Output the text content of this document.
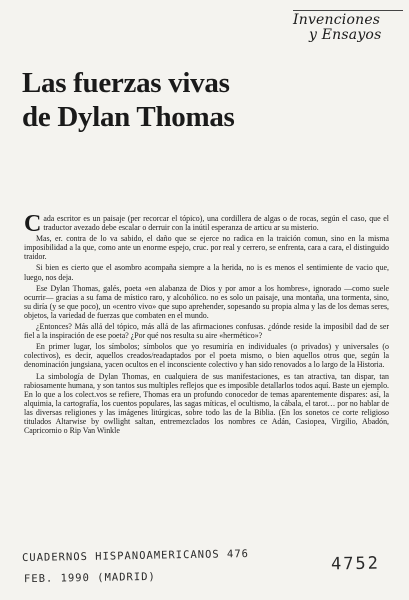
Invenciones
y Ensayos
Las fuerzas vivas
de Dylan Thomas

Cada escritor es un paisaje (per recorcar el tópico), una cordillera de algas o de rocas, según el caso, que el traductor avezado debe escalar o derruir con la inútil esperanza de articu ar su misterio.

Mas, er. contra de lo va sabido, el daño que se ejerce no radica en la traición comun, sino en la misma imposibilidad a la que, como ante un enorme espejo, cruc. por real y cerrero, se enfrenta, cara a cara, el distinguido traidor.

Si bien es cierto que el asombro acompaña siempre a la herida, no is es menos el sentimiente de vacio que, luego, nos deja.

Ese Dylan Thomas, galés, poeta «en alabanza de Dios y por amor a los hombres», ignorado —como suele ocurrir— gracias a su fama de místico raro, y alcohólico. no es solo un paisaje, una montaña, una tormenta, sino, su diría (y se que poco), un «centro vivo» que supo aprehender, sopesando su propia alma y las de los demas seres, objetos, la variedad de fuerzas que combaten en el mundo.

¿Entonces? Más allá del tópico, más allá de las afirmaciones confusas. ¿dónde reside la imposibil dad de ser fiel a la inspiración de ese poeta? ¿Por qué nos resulta su aire «hermético»?

En primer lugar, los símbolos; símbolos que yo resumiría en individuales (o privados) y universales (o colectivos), es decir, aquellos creados/readaptados por el poeta mismo, o bien aquellos otros que, según la denominación jungsiana, yacen ocultos en el inconsciente colectivo y han sido renovados a lo largo de la Historia.

La simbología de Dylan Thomas, en cualquiera de sus manifestaciones, es tan atractiva, tan dispar, tan rabiosamente humana, y son tantos sus multiples reflejos que es imposible detallarlos todos aquí. Baste un ejemplo. En lo que a los colect.vos se refiere, Thomas era un profundo conocedor de temas aparentemente dispares: así, la alquimia, la cartografía, los cuentos populares, las sagas míticas, el ocultismo, la cábala, el tarot… por no hablar de las diversas religiones y las imágenes litúrgicas, sobre todo las de la Biblia. (En los sonetos ce corte religioso titulados Altarwise by owllight saltan, entremezclados los nombres ce Adán, Casiopea, Virgilio, Abadón, Capricornio o Rip Van Winkle

CUADERNOS HISPANOAMERICANOS 476
FEB. 1990 (MADRID)
4752
